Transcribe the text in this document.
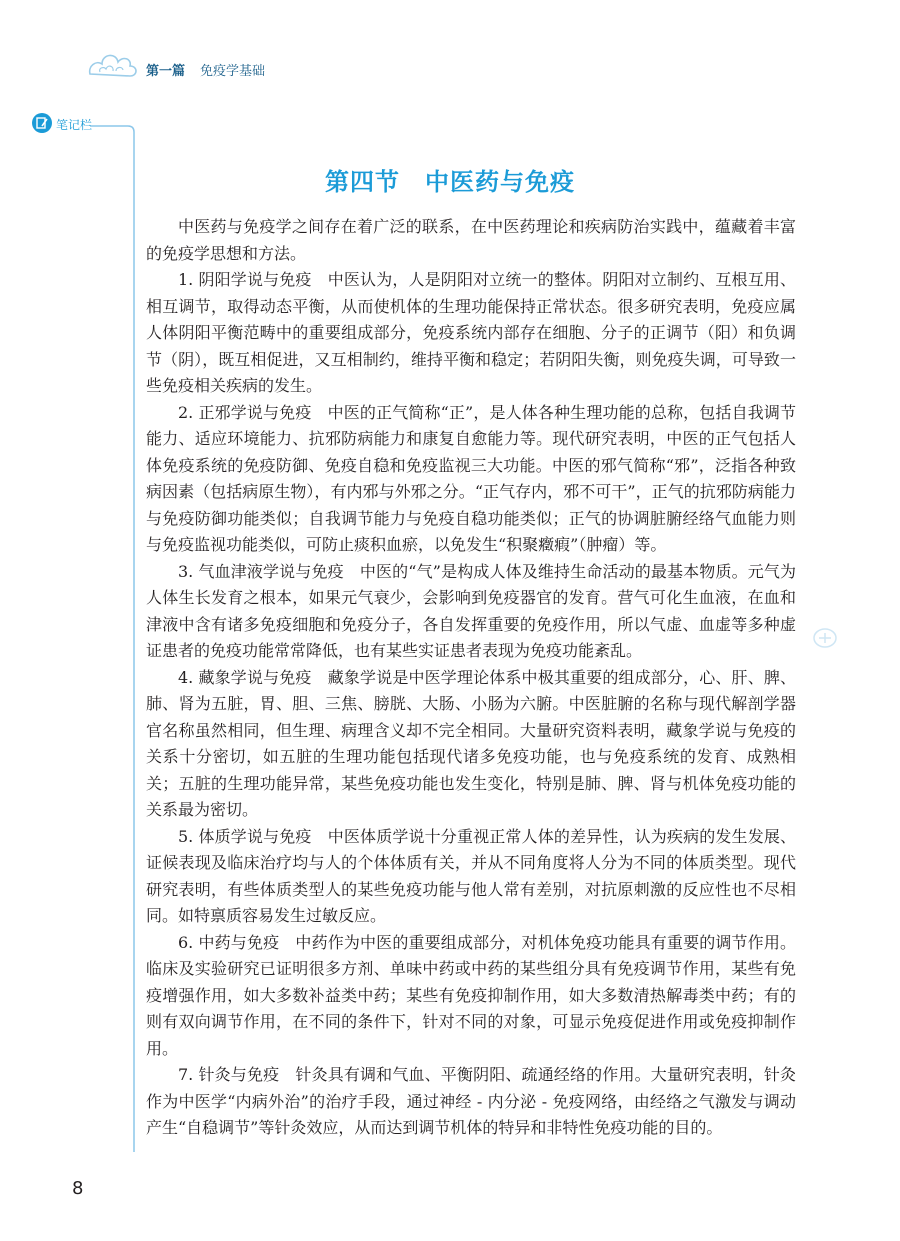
第一篇 免疫学基础
笔记栏
第四节　中医药与免疫

中医药与免疫学之间存在着广泛的联系，在中医药理论和疾病防治实践中，蕴藏着丰富的免疫学思想和方法。

1. 阴阳学说与免疫　中医认为，人是阴阳对立统一的整体。阴阳对立制约、互根互用、相互调节，取得动态平衡，从而使机体的生理功能保持正常状态。很多研究表明，免疫应属人体阴阳平衡范畴中的重要组成部分，免疫系统内部存在细胞、分子的正调节（阳）和负调节（阴），既互相促进，又互相制约，维持平衡和稳定；若阴阳失衡，则免疫失调，可导致一些免疫相关疾病的发生。

2. 正邪学说与免疫　中医的正气简称“正”，是人体各种生理功能的总称，包括自我调节能力、适应环境能力、抗邪防病能力和康复自愈能力等。现代研究表明，中医的正气包括人体免疫系统的免疫防御、免疫自稳和免疫监视三大功能。中医的邪气简称“邪”，泛指各种致病因素（包括病原生物），有内邪与外邪之分。“正气存内，邪不可干”，正气的抗邪防病能力与免疫防御功能类似；自我调节能力与免疫自稳功能类似；正气的协调脏腑经络气血能力则与免疫监视功能类似，可防止痰积血瘀，以免发生“积聚癥瘕”（肿瘤）等。

3. 气血津液学说与免疫　中医的“气”是构成人体及维持生命活动的最基本物质。元气为人体生长发育之根本，如果元气衰少，会影响到免疫器官的发育。营气可化生血液，在血和津液中含有诸多免疫细胞和免疫分子，各自发挥重要的免疫作用，所以气虚、血虚等多种虚证患者的免疫功能常常降低，也有某些实证患者表现为免疫功能紊乱。

4. 藏象学说与免疫　藏象学说是中医学理论体系中极其重要的组成部分，心、肝、脾、肺、肾为五脏，胃、胆、三焦、膀胱、大肠、小肠为六腑。中医脏腑的名称与现代解剖学器官名称虽然相同，但生理、病理含义却不完全相同。大量研究资料表明，藏象学说与免疫的关系十分密切，如五脏的生理功能包括现代诸多免疫功能，也与免疫系统的发育、成熟相关；五脏的生理功能异常，某些免疫功能也发生变化，特别是肺、脾、肾与机体免疫功能的关系最为密切。

5. 体质学说与免疫　中医体质学说十分重视正常人体的差异性，认为疾病的发生发展、证候表现及临床治疗均与人的个体体质有关，并从不同角度将人分为不同的体质类型。现代研究表明，有些体质类型人的某些免疫功能与他人常有差别，对抗原刺激的反应性也不尽相同。如特禀质容易发生过敏反应。

6. 中药与免疫　中药作为中医的重要组成部分，对机体免疫功能具有重要的调节作用。临床及实验研究已证明很多方剂、单味中药或中药的某些组分具有免疫调节作用，某些有免疫增强作用，如大多数补益类中药；某些有免疫抑制作用，如大多数清热解毒类中药；有的则有双向调节作用，在不同的条件下，针对不同的对象，可显示免疫促进作用或免疫抑制作用。

7. 针灸与免疫　针灸具有调和气血、平衡阴阳、疏通经络的作用。大量研究表明，针灸作为中医学“内病外治”的治疗手段，通过神经 - 内分泌 - 免疫网络，由经络之气激发与调动产生“自稳调节”等针灸效应，从而达到调节机体的特异和非特性免疫功能的目的。

8
